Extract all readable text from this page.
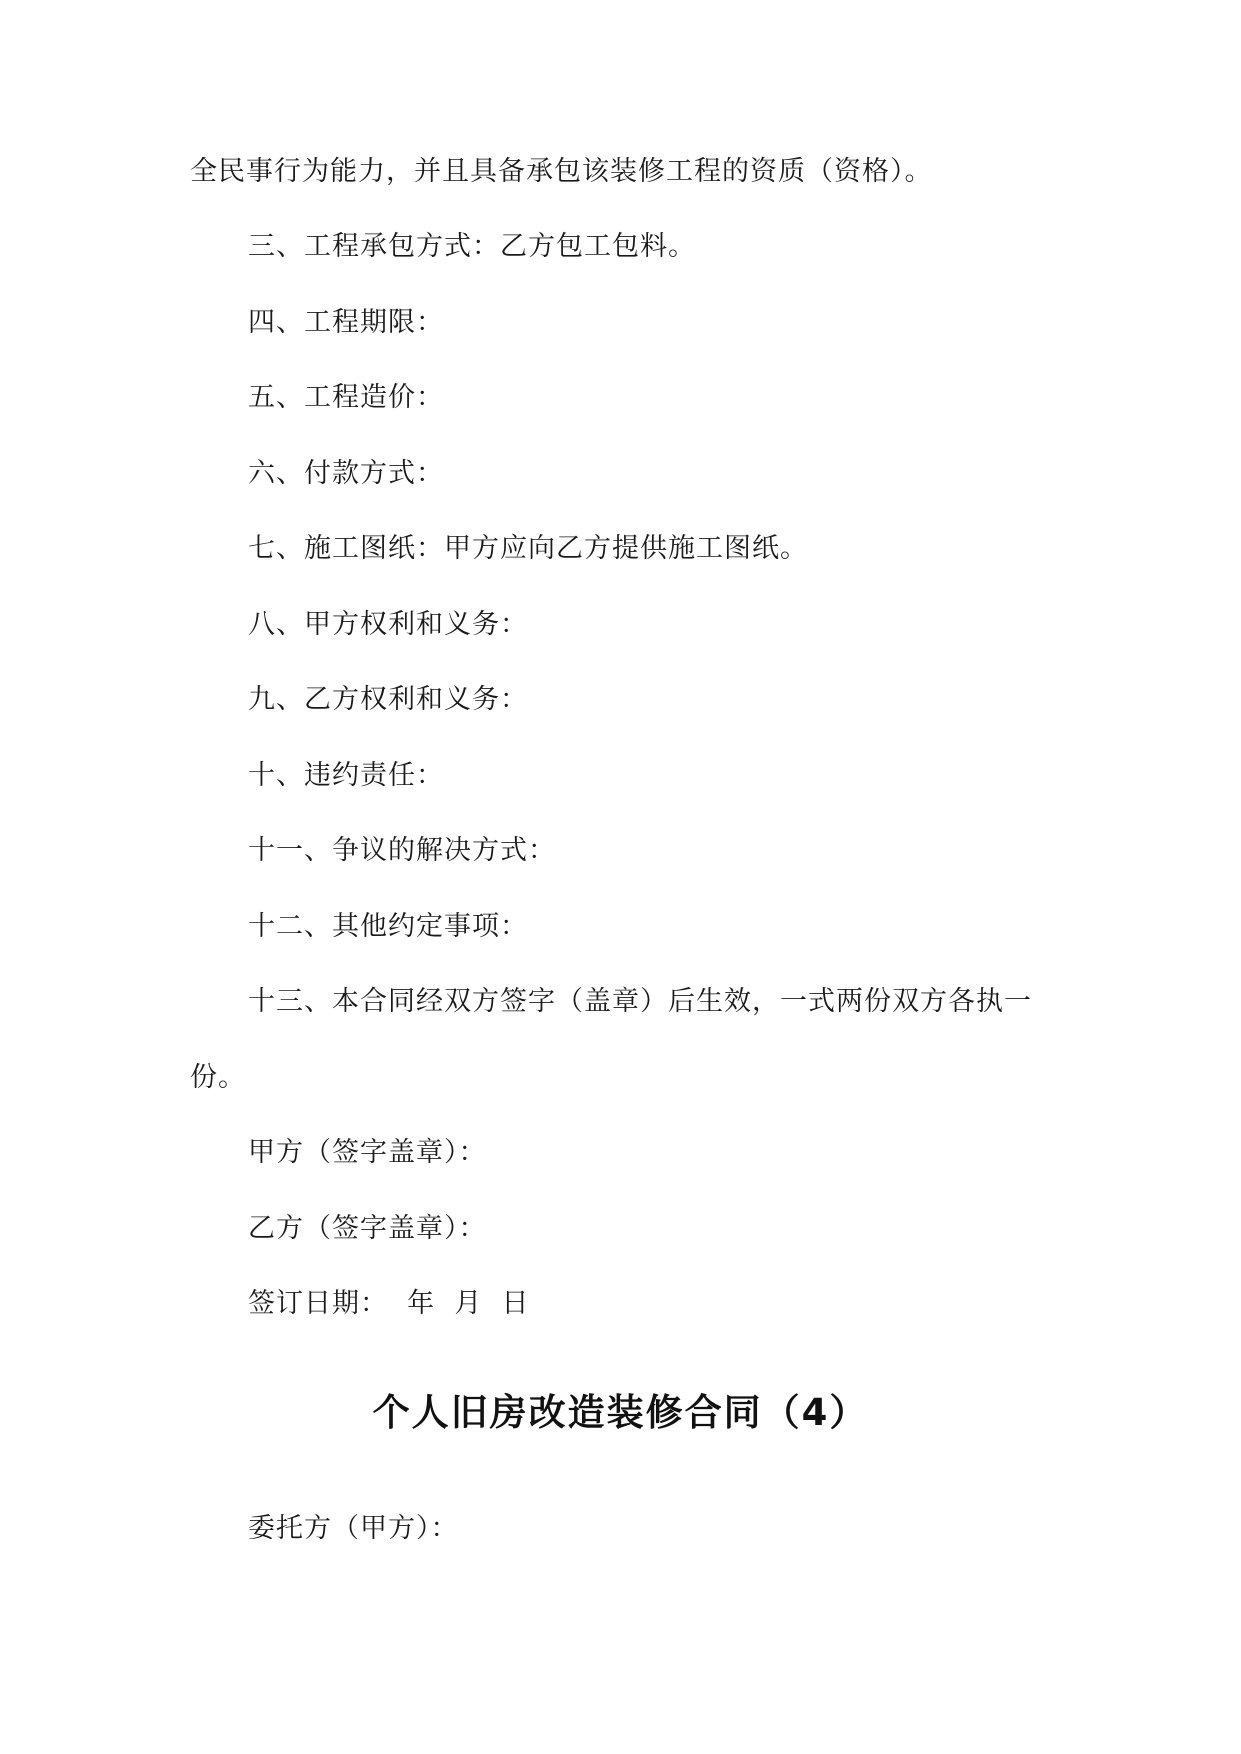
全民事行为能力，并且具备承包该装修工程的资质（资格）。
三、工程承包方式：乙方包工包料。
四、工程期限：
五、工程造价：
六、付款方式：
七、施工图纸：甲方应向乙方提供施工图纸。
八、甲方权利和义务：
九、乙方权利和义务：
十、违约责任：
十一、争议的解决方式：
十二、其他约定事项：
十三、本合同经双方签字（盖章）后生效，一式两份双方各执一
份。
甲方（签字盖章）：
乙方（签字盖章）：
签订日期：  年  月  日
个人旧房改造装修合同（4）
委托方（甲方）：
